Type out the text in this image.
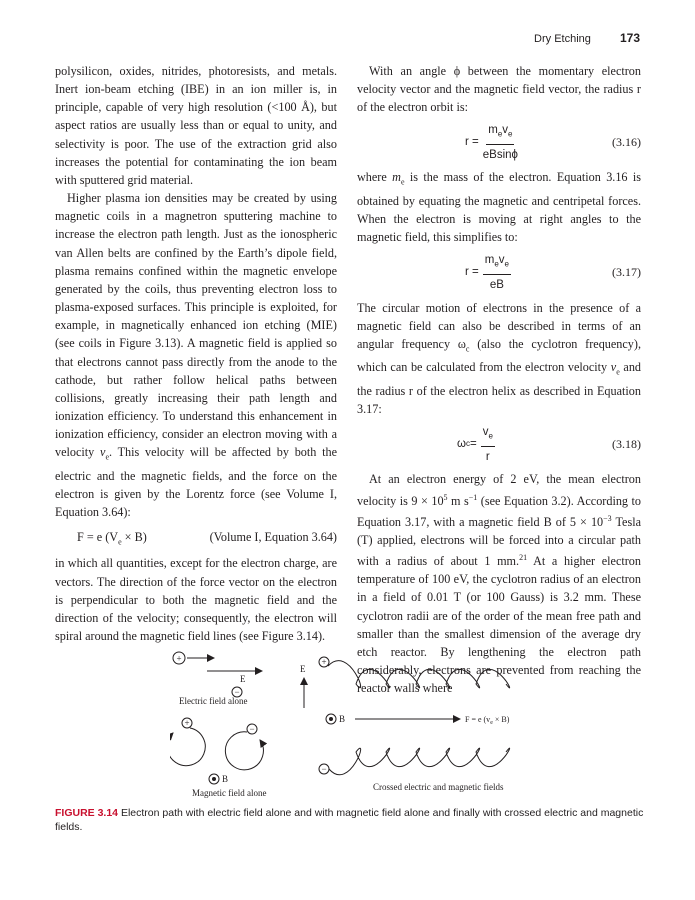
Dry Etching 173

polysilicon, oxides, nitrides, photoresists, and metals. Inert ion-beam etching (IBE) in an ion miller is, in principle, capable of very high resolution (<100 Å), but aspect ratios are usually less than or equal to unity, and selectivity is poor. The use of the extraction grid also increases the potential for contaminating the ion beam with sputtered grid material.

Higher plasma ion densities may be created by using magnetic coils in a magnetron sputtering machine to increase the electron path length. Just as the ionospheric van Allen belts are confined by the Earth’s dipole field, plasma remains confined within the magnetic envelope generated by the coils, thus preventing electron loss to plasma-exposed surfaces. This principle is exploited, for example, in magnetically enhanced ion etching (MIE) (see coils in Figure 3.13). A magnetic field is applied so that electrons cannot pass directly from the anode to the cathode, but rather follow helical paths between collisions, greatly increasing their path length and ionization efficiency. To understand this enhancement in ionization efficiency, consider an electron moving with a velocity $v_e$. This velocity will be affected by both the electric and the magnetic fields, and the force on the electron is given by the Lorentz force (see Volume I, Equation 3.64):

F = e $(V_e \times B)$	(Volume I, Equation 3.64)

in which all quantities, except for the electron charge, are vectors. The direction of the force vector on the electron is perpendicular to both the magnetic field and the direction of the velocity; consequently, the electron will spiral around the magnetic field lines (see Figure 3.14).

With an angle ϕ between the momentary electron velocity vector and the magnetic field vector, the radius r of the electron orbit is:

$r = \frac{m_ev_e}{eBsin\phi}$	(3.16)

where $m_e$ is the mass of the electron. Equation 3.16 is obtained by equating the magnetic and centripetal forces. When the electron is moving at right angles to the magnetic field, this simplifies to:

$r = \frac{m_ev_e}{eB}$	(3.17)

The circular motion of electrons in the presence of a magnetic field can also be described in terms of an angular frequency $\omega_c$ (also the cyclotron frequency), which can be calculated from the electron velocity $v_e$ and the radius r of the electron helix as described in Equation 3.17:

ω $c = \frac{v_e}{r}$	(3.18)

At an electron energy of 2 eV, the mean electron velocity is $9 \times 10^5$ m $s^{-1}$ (see Equation 3.2). According to Equation 3.17, with a magnetic field B of $5 \times 10^{-3}$ Tesla (T) applied, electrons will be forced into a circular path with a radius of about 1 mm.$^{21}$ At a higher electron temperature of 100 eV, the cyclotron radius of an electron in a field of 0.01 T (or 100 Gauss) is 3.2 mm. These cyclotron radii are of the order of the mean free path and smaller than the smallest dimension of the average dry etch reactor. By lengthening the electron path considerably, electrons are prevented from reaching the reactor walls where

+
E
−
Electric field alone
+
−
B
Magnetic field alone
E
+
B	F = e $(v_e \times B)$
−
Crossed electric and magnetic fields
FIGURE 3.14 Electron path with electric field alone and with magnetic field alone and finally with crossed electric and magnetic fields.
